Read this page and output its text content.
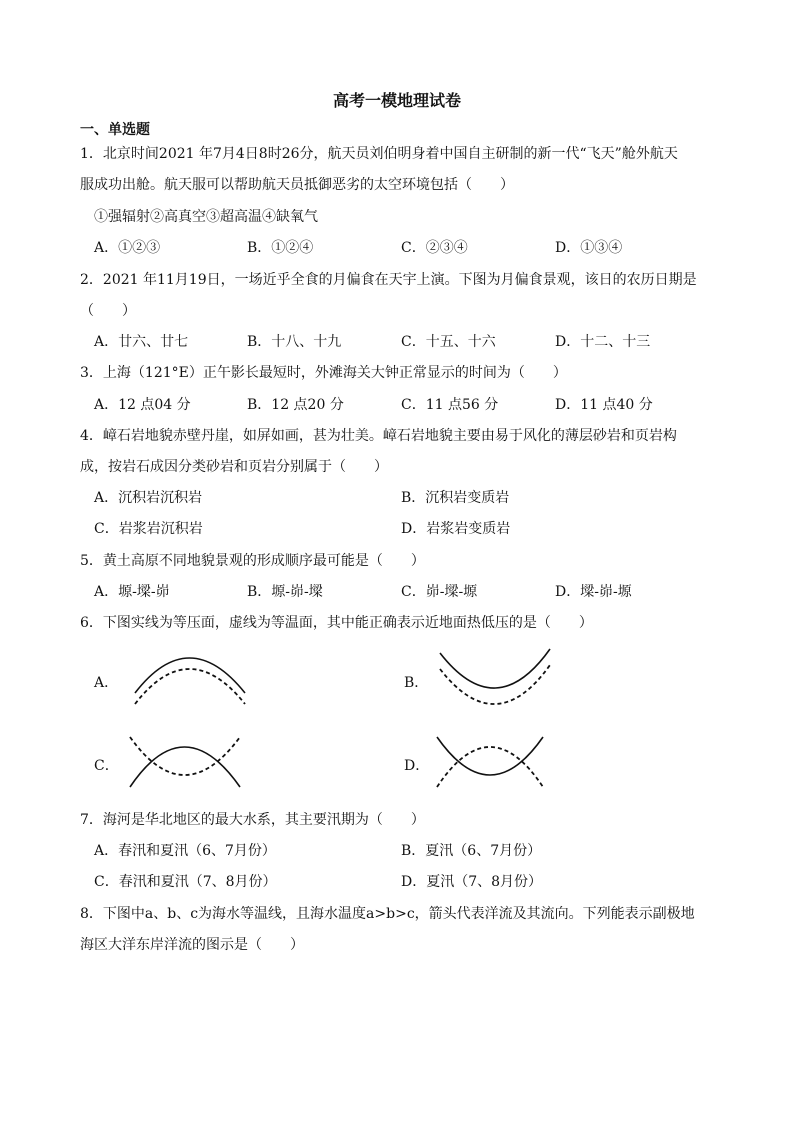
高考一模地理试卷
一、单选题
1．北京时间2021 年7月4日8时26分，航天员刘伯明身着中国自主研制的新一代“飞天”舱外航天
服成功出舱。航天服可以帮助航天员抵御恶劣的太空环境包括（　　）
①强辐射②高真空③超高温④缺氧气
A．①②③	B．①②④	C．②③④	D．①③④
2．2021 年11月19日，一场近乎全食的月偏食在天宇上演。下图为月偏食景观，该日的农历日期是
（　　）
A．廿六、廿七	B．十八、十九	C．十五、十六	D．十二、十三
3．上海（121°E）正午影长最短时，外滩海关大钟正常显示的时间为（　　）
A．12 点04 分	B．12 点20 分	C．11 点56 分	D．11 点40 分
4．嶂石岩地貌赤壁丹崖，如屏如画，甚为壮美。嶂石岩地貌主要由易于风化的薄层砂岩和页岩构
成，按岩石成因分类砂岩和页岩分别属于（　　）
A．沉积岩沉积岩	B．沉积岩变质岩
C．岩浆岩沉积岩	D．岩浆岩变质岩
5．黄土高原不同地貌景观的形成顺序最可能是（　　）
A．塬-墚-峁	B．塬-峁-墚	C．峁-墚-塬	D．墚-峁-塬
6．下图实线为等压面，虚线为等温面，其中能正确表示近地面热低压的是（　　）
A．	B．
C．	D．
7．海河是华北地区的最大水系，其主要汛期为（　　）
A．春汛和夏汛（6、7月份）	B．夏汛（6、7月份）
C．春汛和夏汛（7、8月份）	D．夏汛（7、8月份）
8．下图中a、b、c为海水等温线，且海水温度a>b>c，箭头代表洋流及其流向。下列能表示副极地
海区大洋东岸洋流的图示是（　　）
